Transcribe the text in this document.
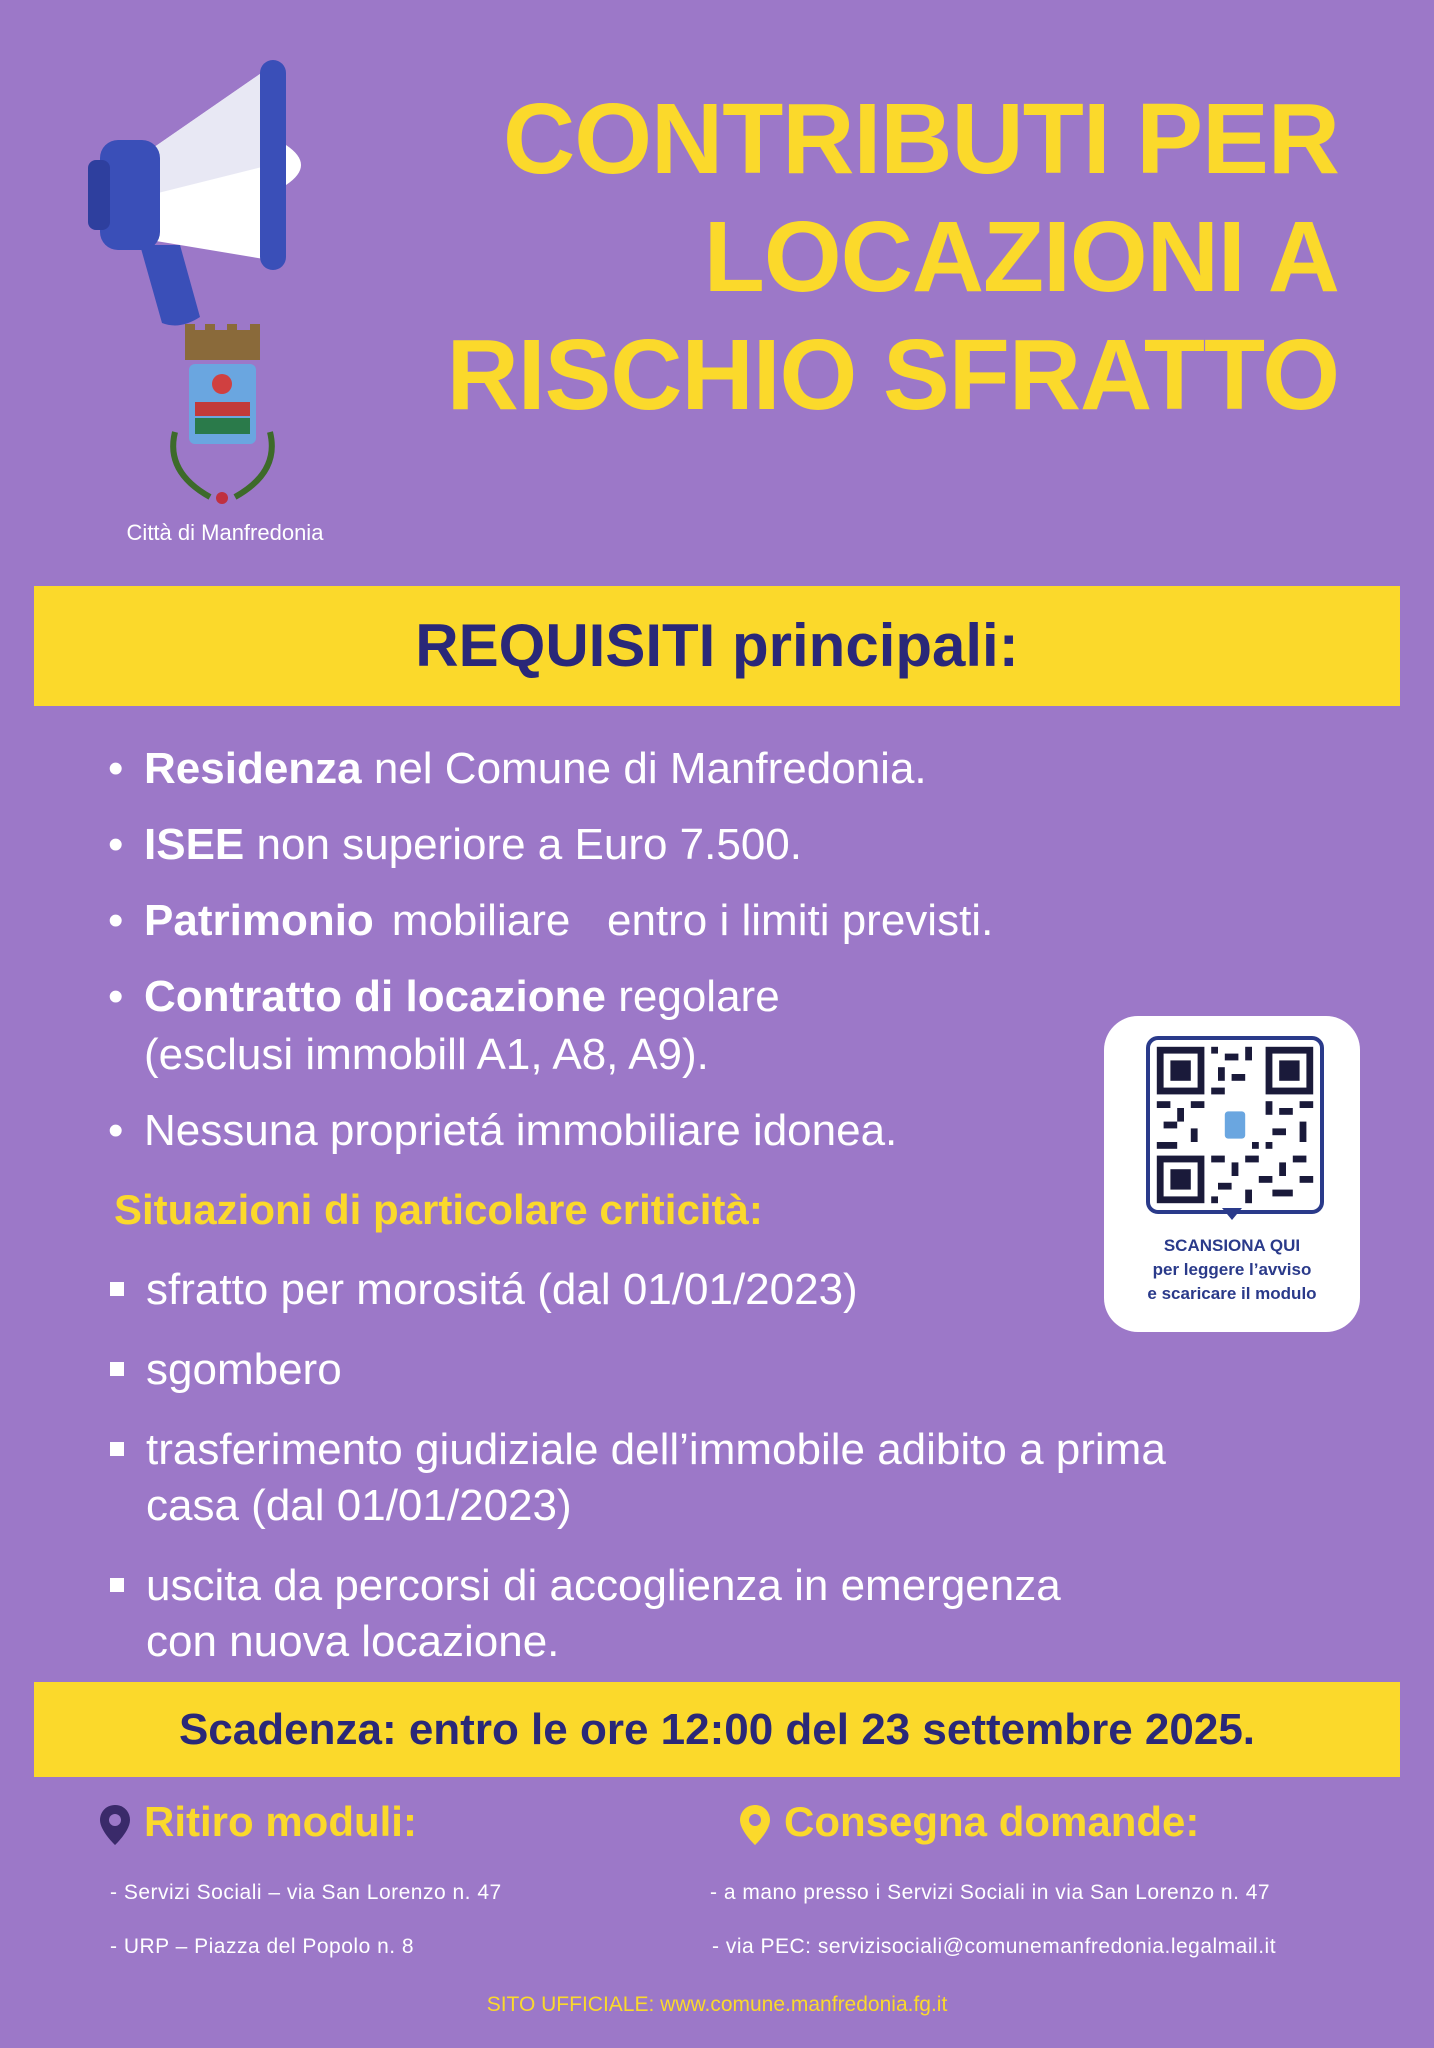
Città di Manfredonia
CONTRIBUTI PER
LOCAZIONI A
RISCHIO SFRATTO
REQUISITI principali:
• Residenza nel Comune di Manfredonia.
• ISEE non superiore a Euro 7.500.
• Patrimonio mobiliare   entro i limiti previsti.
• Contratto di locazione regolare
(esclusi immobill A1, A8, A9).
• Nessuna proprietá immobiliare idonea.
SCANSIONA QUI
per leggere l’avviso
e scaricare il modulo
Situazioni di particolare criticità:
sfratto per morositá (dal 01/01/2023)
sgombero
trasferimento giudiziale dell’immobile adibito a prima
casa (dal 01/01/2023)
uscita da percorsi di accoglienza in emergenza
con nuova locazione.
Scadenza: entro le ore 12:00 del 23 settembre 2025.
Ritiro moduli:
- Servizi Sociali – via San Lorenzo n. 47
- URP – Piazza del Popolo n. 8
Consegna domande:
- a mano presso i Servizi Sociali in via San Lorenzo n. 47
- via PEC: servizisociali@comunemanfredonia.legalmail.it
SITO UFFICIALE: www.comune.manfredonia.fg.it
